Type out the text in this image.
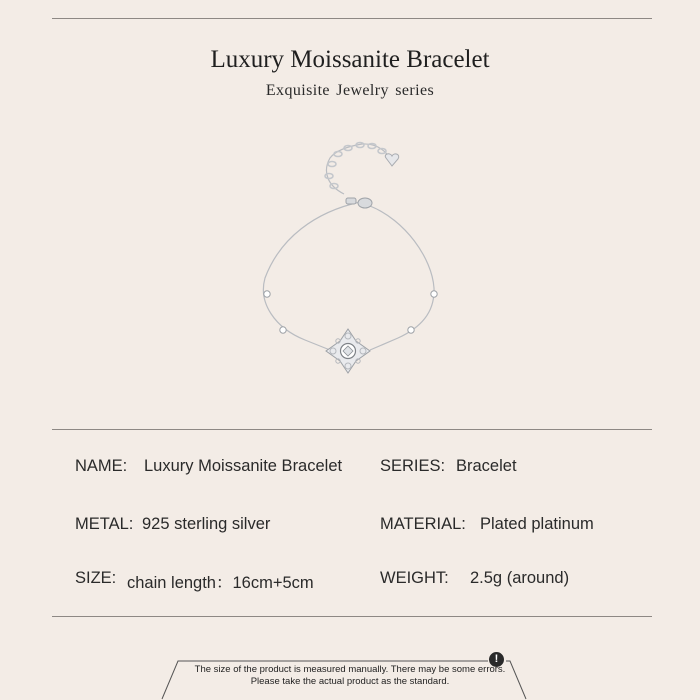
Luxury Moissanite Bracelet
Exquisite Jewelry series
NAME: Luxury Moissanite Bracelet SERIES: Bracelet
METAL: 925 sterling silver	MATERIAL: Plated platinum
SIZE: chain length：16cm+5cm	WEIGHT: 2.5g (around)
!
The size of the product is measured manually. There may be some errors.
Please take the actual product as the standard.
